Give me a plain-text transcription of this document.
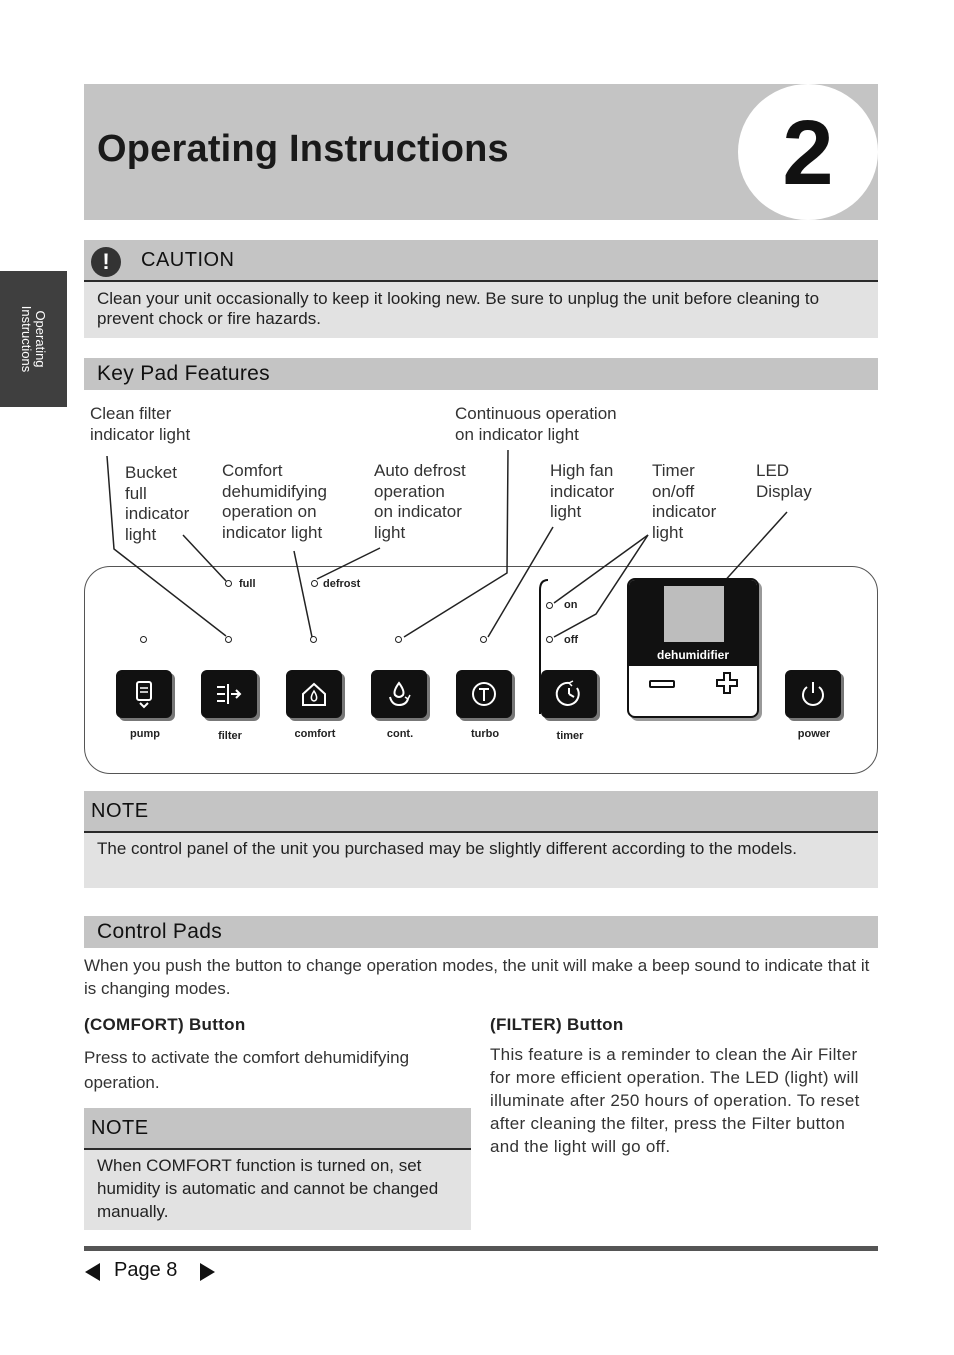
Operating Instructions	2
Operating
Instructions
!	CAUTION
Clean your unit occasionally to keep it looking new. Be sure to unplug the unit before cleaning to prevent chock or fire hazards.
Key Pad Features
Clean filter
indicator light
Bucket
full
indicator
light
Comfort
dehumidifying
operation on
indicator light
Auto defrost
operation
on indicator
light
Continuous operation
on indicator light
High fan
indicator
light
Timer
on/off
indicator
light
LED
Display
full	defrost
on
off
pump	filter	comfort	cont.	turbo	timer
dehumidifier
power
NOTE
The control panel of the unit you purchased may be slightly different according to the models.
Control Pads
When you push the button to change operation modes, the unit will make a beep sound to indicate that it is changing modes.
(COMFORT) Button
Press to activate the comfort dehumidifying operation.
NOTE
When COMFORT function is turned on, set humidity is automatic and cannot be changed manually.
(FILTER) Button
This feature is a reminder to clean the Air Filter for more efficient operation. The LED (light) will illuminate after 250 hours of operation. To reset after cleaning the filter, press the Filter button and the light will go off.
Page 8
